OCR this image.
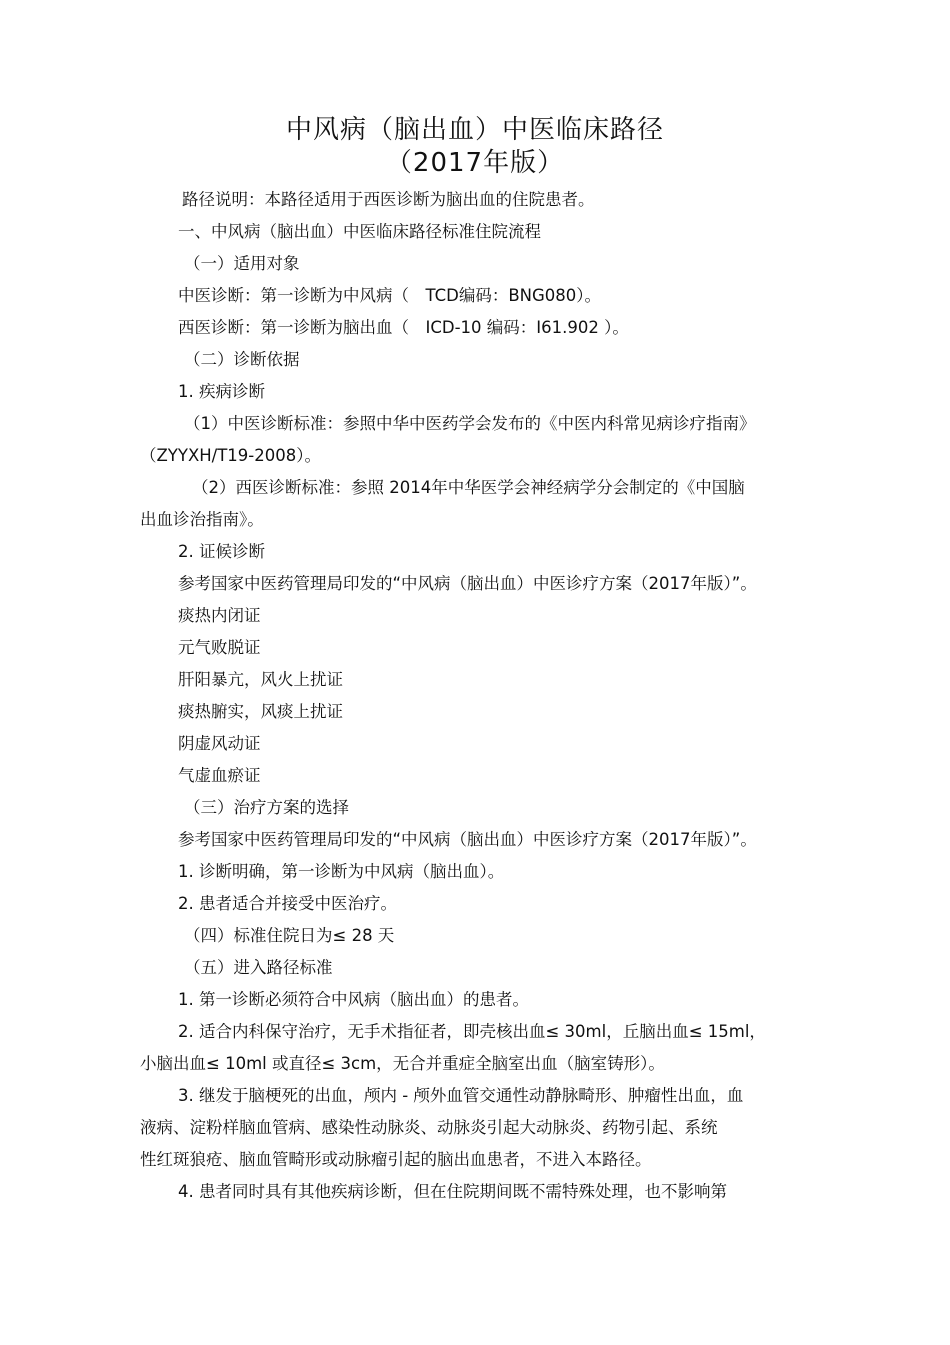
中风病（脑出血）中医临床路径
（2017年版）
路径说明：本路径适用于西医诊断为脑出血的住院患者。
一、中风病（脑出血）中医临床路径标准住院流程
（一）适用对象
中医诊断：第一诊断为中风病（　TCD编码：BNG080）。
西医诊断：第一诊断为脑出血（　ICD-10 编码：I61.902 ）。
（二）诊断依据
1. 疾病诊断
（1）中医诊断标准：参照中华中医药学会发布的《中医内科常见病诊疗指南》
（ZYYXH/T19-2008）。
（2）西医诊断标准：参照 2014年中华医学会神经病学分会制定的《中国脑
出血诊治指南》。
2. 证候诊断
参考国家中医药管理局印发的“中风病（脑出血）中医诊疗方案（2017年版）”。
痰热内闭证
元气败脱证
肝阳暴亢，风火上扰证
痰热腑实，风痰上扰证
阴虚风动证
气虚血瘀证
（三）治疗方案的选择
参考国家中医药管理局印发的“中风病（脑出血）中医诊疗方案（2017年版）”。
1. 诊断明确，第一诊断为中风病（脑出血）。
2. 患者适合并接受中医治疗。
（四）标准住院日为≤ 28 天
（五）进入路径标准
1. 第一诊断必须符合中风病（脑出血）的患者。
2. 适合内科保守治疗，无手术指征者，即壳核出血≤ 30ml，丘脑出血≤ 15ml，
小脑出血≤ 10ml 或直径≤ 3cm，无合并重症全脑室出血（脑室铸形）。
3. 继发于脑梗死的出血，颅内 - 颅外血管交通性动静脉畸形、肿瘤性出血，血
液病、淀粉样脑血管病、感染性动脉炎、动脉炎引起大动脉炎、药物引起、系统
性红斑狼疮、脑血管畸形或动脉瘤引起的脑出血患者，不进入本路径。
4. 患者同时具有其他疾病诊断，但在住院期间既不需特殊处理，也不影响第
